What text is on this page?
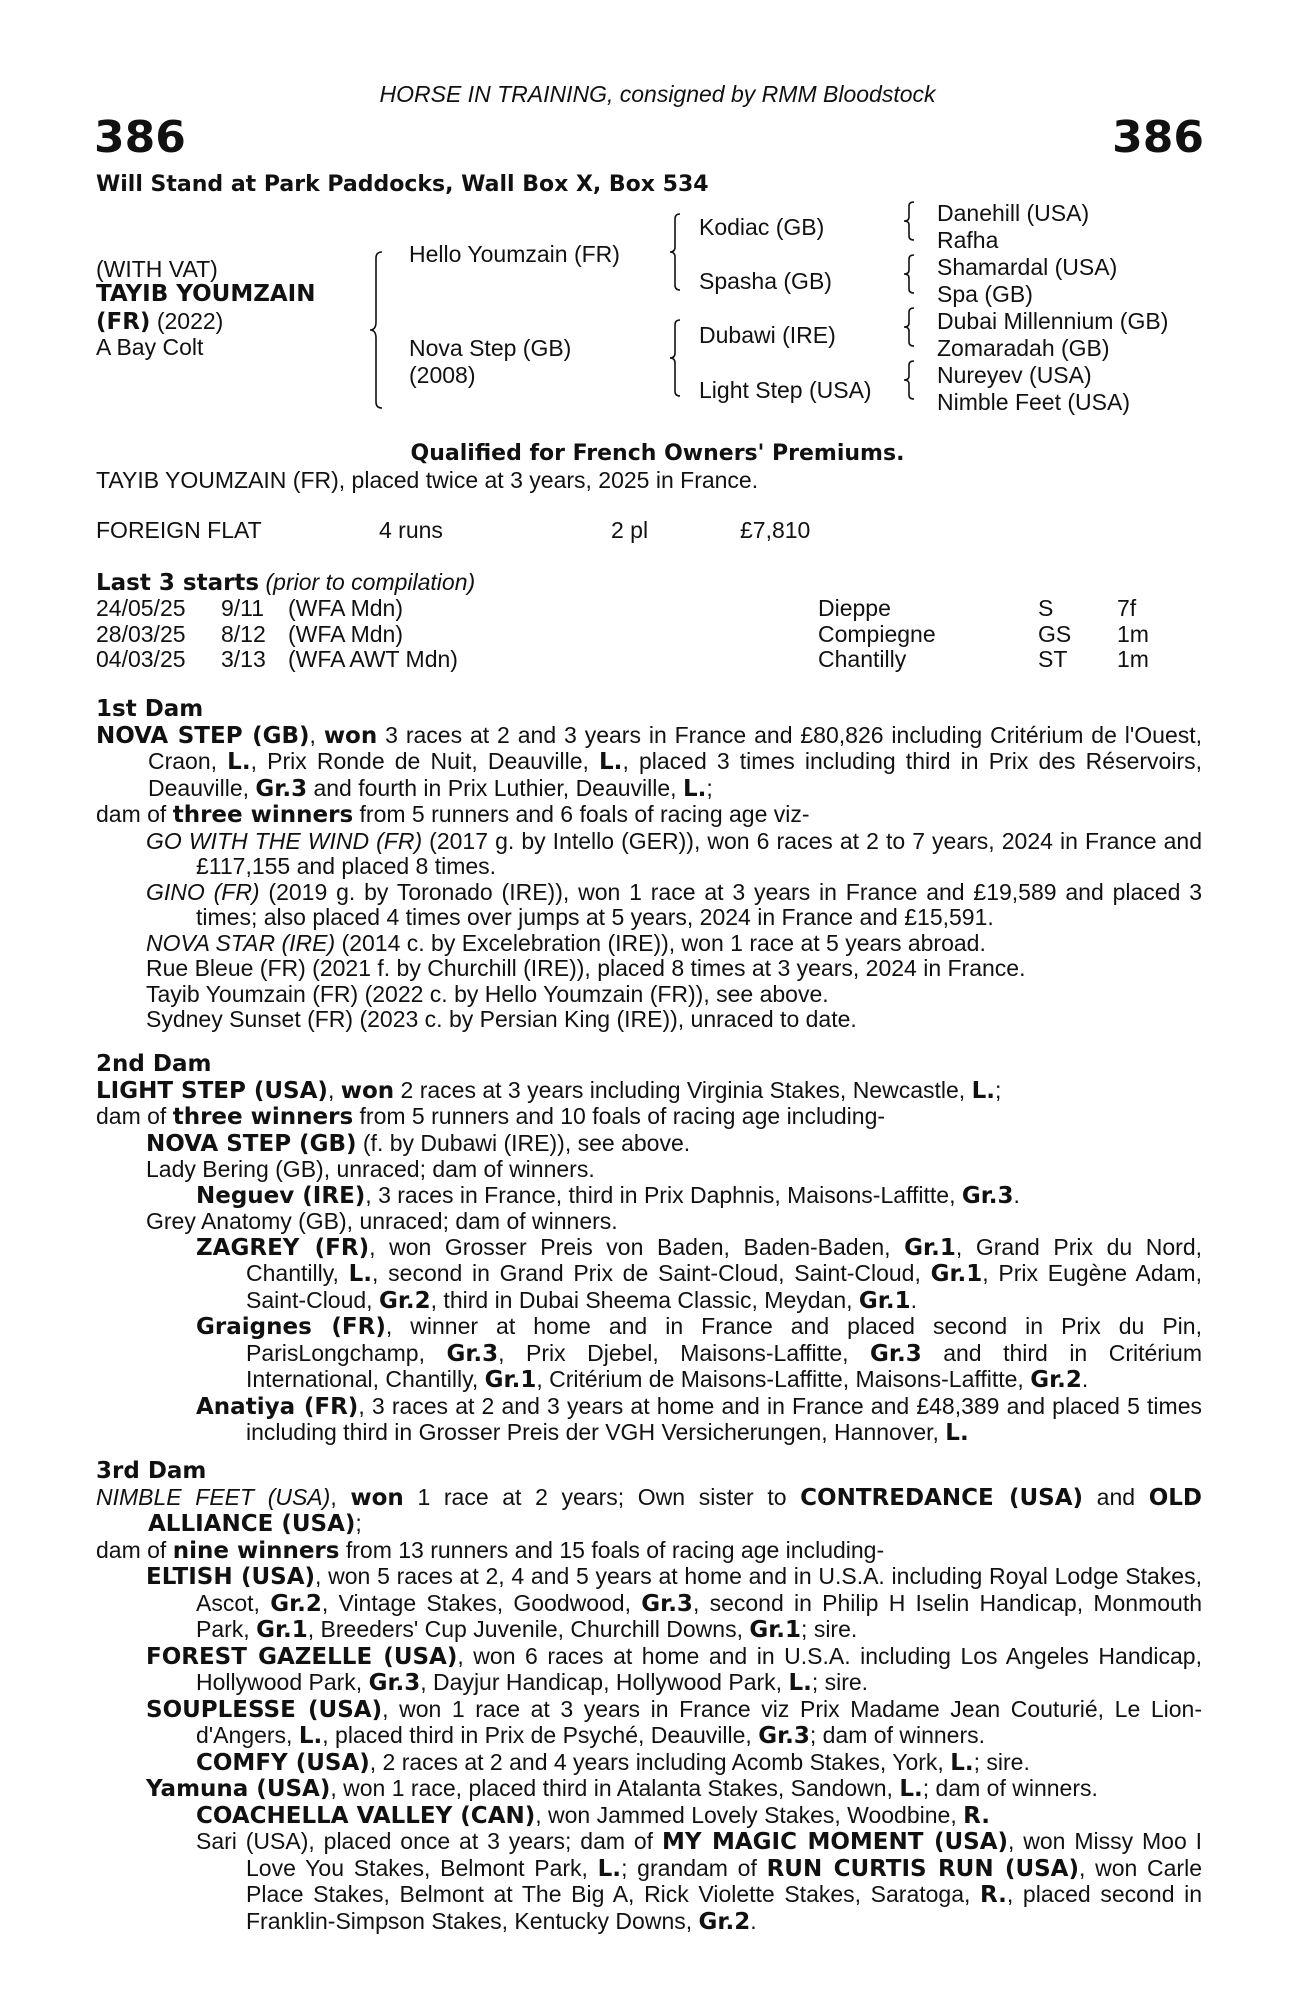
HORSE IN TRAINING, consigned by RMM Bloodstock
386	386
Will Stand at Park Paddocks, Wall Box X, Box 534
(WITH VAT)
TAYIB YOUMZAIN
(FR) (2022)
A Bay Colt
Hello Youmzain (FR)
Nova Step (GB)
(2008)
Kodiac (GB)
Spasha (GB)
Dubawi (IRE)
Light Step (USA)
Danehill (USA)
Rafha
Shamardal (USA)
Spa (GB)
Dubai Millennium (GB)
Zomaradah (GB)
Nureyev (USA)
Nimble Feet (USA)
Qualified for French Owners' Premiums.
TAYIB YOUMZAIN (FR), placed twice at 3 years, 2025 in France.
FOREIGN FLAT	4 runs	2 pl	£7,810
Last 3 starts (prior to compilation)
24/05/25 9/11 (WFA Mdn)	Dieppe	S	7f
28/03/25 8/12 (WFA Mdn)	Compiegne	GS 1m
04/03/25 3/13 (WFA AWT Mdn)	Chantilly	ST 1m
1st Dam
NOVA STEP (GB), won 3 races at 2 and 3 years in France and £80,826 including Critérium de l'Ouest, Craon, L., Prix Ronde de Nuit, Deauville, L., placed 3 times including third in Prix des Réservoirs, Deauville, Gr.3 and fourth in Prix Luthier, Deauville, L.;
dam of three winners from 5 runners and 6 foals of racing age viz-
GO WITH THE WIND (FR) (2017 g. by Intello (GER)), won 6 races at 2 to 7 years, 2024 in France and £117,155 and placed 8 times.
GINO (FR) (2019 g. by Toronado (IRE)), won 1 race at 3 years in France and £19,589 and placed 3 times; also placed 4 times over jumps at 5 years, 2024 in France and £15,591.
NOVA STAR (IRE) (2014 c. by Excelebration (IRE)), won 1 race at 5 years abroad.
Rue Bleue (FR) (2021 f. by Churchill (IRE)), placed 8 times at 3 years, 2024 in France.
Tayib Youmzain (FR) (2022 c. by Hello Youmzain (FR)), see above.
Sydney Sunset (FR) (2023 c. by Persian King (IRE)), unraced to date.
2nd Dam
LIGHT STEP (USA), won 2 races at 3 years including Virginia Stakes, Newcastle, L.;
dam of three winners from 5 runners and 10 foals of racing age including-
NOVA STEP (GB) (f. by Dubawi (IRE)), see above.
Lady Bering (GB), unraced; dam of winners.
Neguev (IRE), 3 races in France, third in Prix Daphnis, Maisons-Laffitte, Gr.3.
Grey Anatomy (GB), unraced; dam of winners.
ZAGREY (FR), won Grosser Preis von Baden, Baden-Baden, Gr.1, Grand Prix du Nord, Chantilly, L., second in Grand Prix de Saint-Cloud, Saint-Cloud, Gr.1, Prix Eugène Adam, Saint-Cloud, Gr.2, third in Dubai Sheema Classic, Meydan, Gr.1.
Graignes (FR), winner at home and in France and placed second in Prix du Pin, ParisLongchamp, Gr.3, Prix Djebel, Maisons-Laffitte, Gr.3 and third in Critérium International, Chantilly, Gr.1, Critérium de Maisons-Laffitte, Maisons-Laffitte, Gr.2.
Anatiya (FR), 3 races at 2 and 3 years at home and in France and £48,389 and placed 5 times including third in Grosser Preis der VGH Versicherungen, Hannover, L.
3rd Dam
NIMBLE FEET (USA), won 1 race at 2 years; Own sister to CONTREDANCE (USA) and OLD ALLIANCE (USA);
dam of nine winners from 13 runners and 15 foals of racing age including-
ELTISH (USA), won 5 races at 2, 4 and 5 years at home and in U.S.A. including Royal Lodge Stakes, Ascot, Gr.2, Vintage Stakes, Goodwood, Gr.3, second in Philip H Iselin Handicap, Monmouth Park, Gr.1, Breeders' Cup Juvenile, Churchill Downs, Gr.1; sire.
FOREST GAZELLE (USA), won 6 races at home and in U.S.A. including Los Angeles Handicap, Hollywood Park, Gr.3, Dayjur Handicap, Hollywood Park, L.; sire.
SOUPLESSE (USA), won 1 race at 3 years in France viz Prix Madame Jean Couturié, Le Lion-d'Angers, L., placed third in Prix de Psyché, Deauville, Gr.3; dam of winners.
COMFY (USA), 2 races at 2 and 4 years including Acomb Stakes, York, L.; sire.
Yamuna (USA), won 1 race, placed third in Atalanta Stakes, Sandown, L.; dam of winners.
COACHELLA VALLEY (CAN), won Jammed Lovely Stakes, Woodbine, R.
Sari (USA), placed once at 3 years; dam of MY MAGIC MOMENT (USA), won Missy Moo I Love You Stakes, Belmont Park, L.; grandam of RUN CURTIS RUN (USA), won Carle Place Stakes, Belmont at The Big A, Rick Violette Stakes, Saratoga, R., placed second in Franklin-Simpson Stakes, Kentucky Downs, Gr.2.
